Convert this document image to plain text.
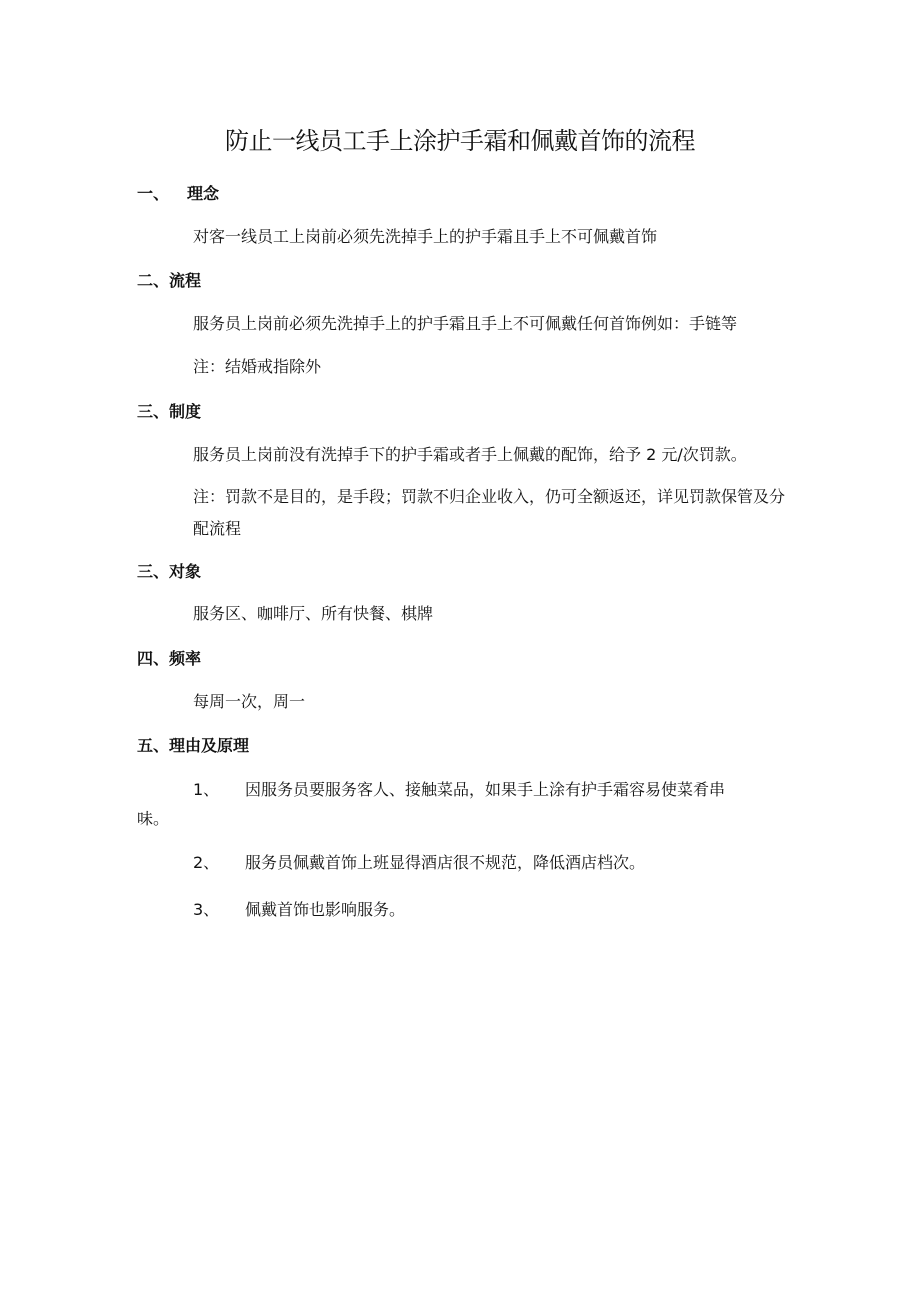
防止一线员工手上涂护手霜和佩戴首饰的流程
一、 理念
对客一线员工上岗前必须先洗掉手上的护手霜且手上不可佩戴首饰
二、流程
服务员上岗前必须先洗掉手上的护手霜且手上不可佩戴任何首饰例如：手链等
注：结婚戒指除外
三、制度
服务员上岗前没有洗掉手下的护手霜或者手上佩戴的配饰，给予 2 元/次罚款。
注：罚款不是目的，是手段；罚款不归企业收入，仍可全额返还，详见罚款保管及分配流程
三、对象
服务区、咖啡厅、所有快餐、棋牌
四、频率
每周一次，周一
五、理由及原理
1、 因服务员要服务客人、接触菜品，如果手上涂有护手霜容易使菜肴串
味。
2、 服务员佩戴首饰上班显得酒店很不规范，降低酒店档次。
3、 佩戴首饰也影响服务。
